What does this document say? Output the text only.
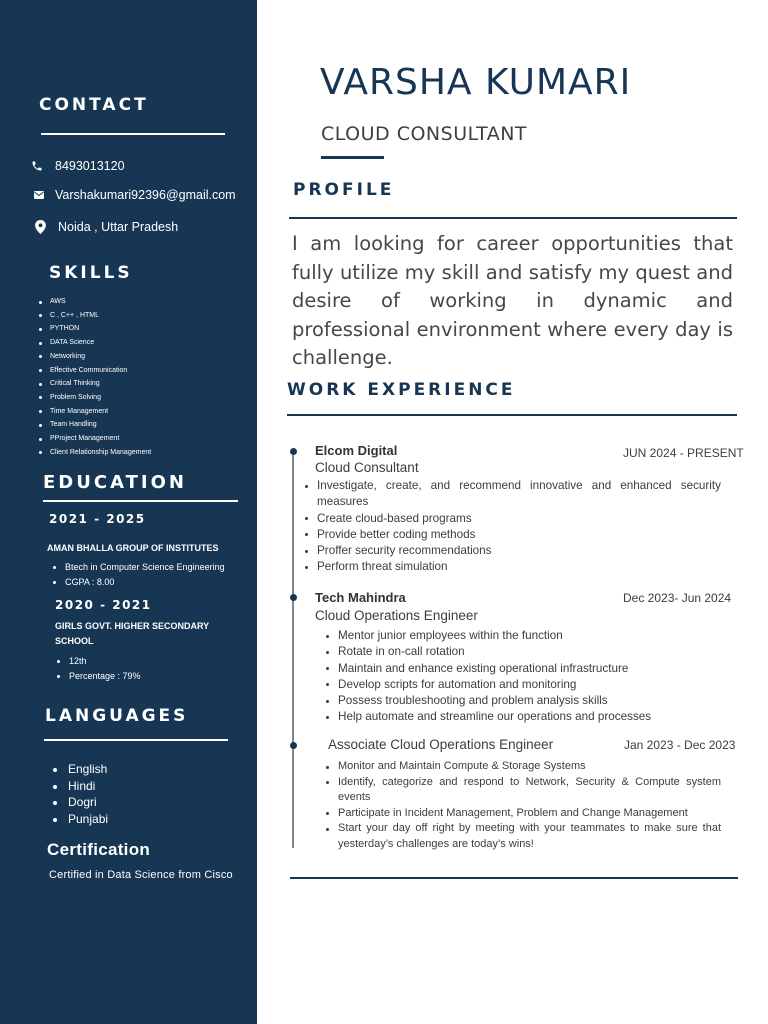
CONTACT
8493013120
Varshakumari92396@gmail.com
Noida , Uttar Pradesh
SKILLS
AWS
C , C++ , HTML
PYTHON
DATA Science
Networking
Effective Communication
Critical Thinking
Problem Solving
Time Management
Team Handling
PProject Management
Client Relationship Management
EDUCATION
2021 - 2025
AMAN BHALLA GROUP OF INSTITUTES
Btech in Computer Science Engineering
CGPA : 8.00
2020 - 2021
GIRLS GOVT. HIGHER SECONDARY SCHOOL
12th
Percentage : 79%
LANGUAGES
English
Hindi
Dogri
Punjabi
Certification
Certified in Data Science from Cisco
VARSHA KUMARI
CLOUD CONSULTANT
PROFILE
I am looking for career opportunities that fully utilize my skill and satisfy my quest and desire of working in dynamic and professional environment where every day is challenge.
WORK EXPERIENCE
Elcom Digital	JUN 2024 - PRESENT
Cloud Consultant
Investigate, create, and recommend innovative and enhanced security measures
Create cloud-based programs
Provide better coding methods
Proffer security recommendations
Perform threat simulation
Tech Mahindra	Dec 2023- Jun 2024
Cloud Operations Engineer
Mentor junior employees within the function
Rotate in on-call rotation
Maintain and enhance existing operational infrastructure
Develop scripts for automation and monitoring
Possess troubleshooting and problem analysis skills
Help automate and streamline our operations and processes
Associate Cloud Operations Engineer	Jan 2023 - Dec 2023
Monitor and Maintain Compute & Storage Systems
Identify, categorize and respond to Network, Security & Compute system events
Participate in Incident Management, Problem and Change Management
Start your day off right by meeting with your teammates to make sure that yesterday’s challenges are today’s wins!
